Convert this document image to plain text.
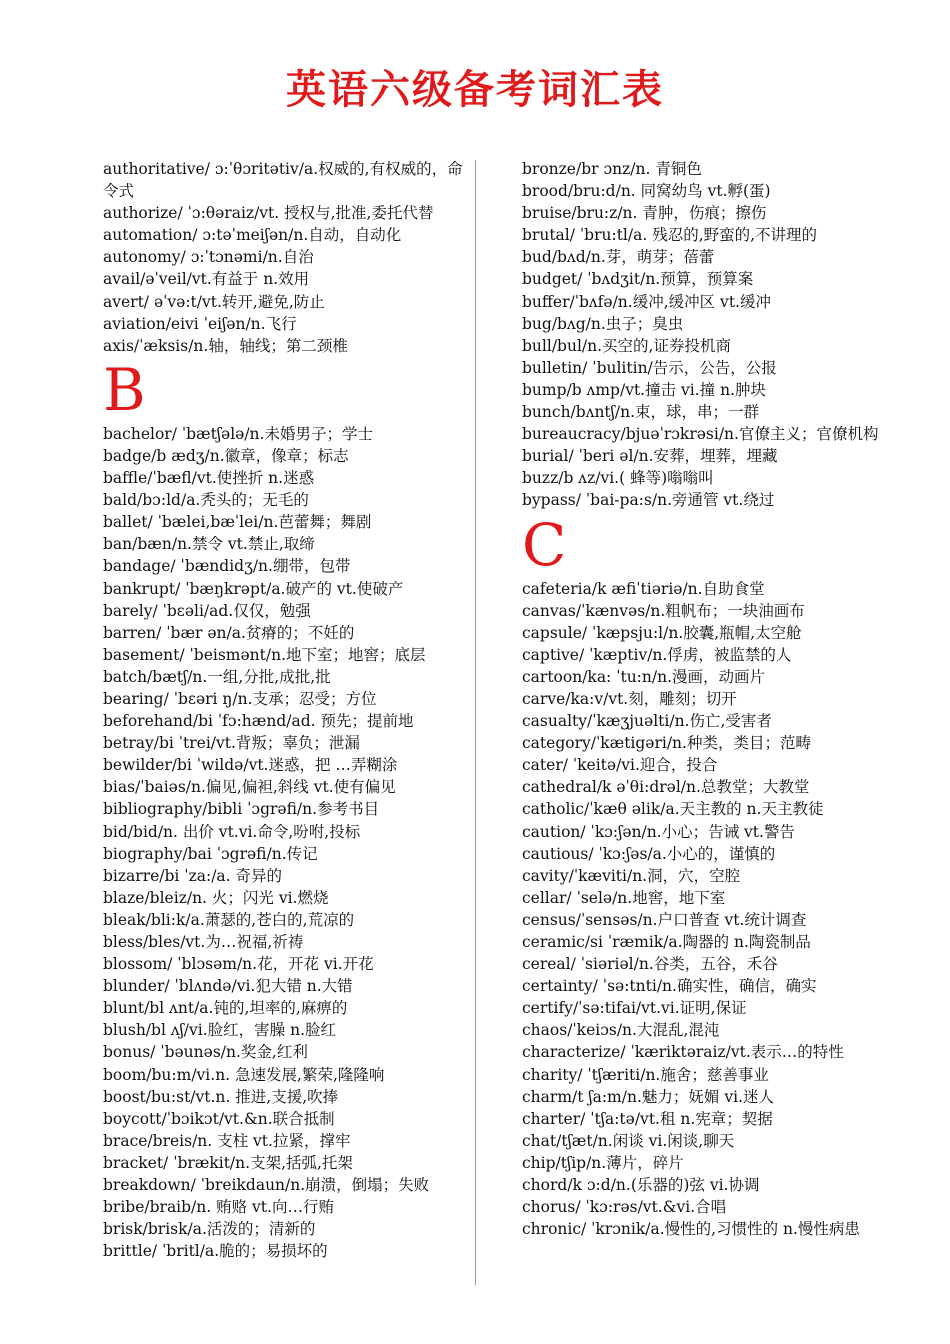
英语六级备考词汇表
authoritative/ ɔ:ˈθɔritətiv/a.权威的,有权威的，命令式
authorize/ ˈɔ:θəraiz/vt. 授权与,批准,委托代替
automation/ ɔ:təˈmeiʃən/n.自动，自动化
autonomy/ ɔ:ˈtɔnəmi/n.自治
avail/əˈveil/vt.有益于 n.效用
avert/ əˈvə:t/vt.转开,避免,防止
aviation/eivi ˈeiʃən/n.飞行
axis/ˈæksis/n.轴，轴线；第二颈椎
B
bachelor/ ˈbætʃələ/n.未婚男子；学士
badge/b ædʒ/n.徽章，像章；标志
baffle/ˈbæfl/vt.使挫折 n.迷惑
bald/bɔ:ld/a.秃头的；无毛的
ballet/ ˈbælei,bæˈlei/n.芭蕾舞；舞剧
ban/bæn/n.禁令 vt.禁止,取缔
bandage/ ˈbændidʒ/n.绷带，包带
bankrupt/ ˈbæŋkrəpt/a.破产的 vt.使破产
barely/ ˈbɛəli/ad.仅仅，勉强
barren/ ˈbær ən/a.贫瘠的；不妊的
basement/ ˈbeismənt/n.地下室；地窖；底层
batch/bætʃ/n.一组,分批,成批,批
bearing/ ˈbɛəri ŋ/n.支承；忍受；方位
beforehand/bi ˈfɔ:hænd/ad. 预先；提前地
betray/bi ˈtrei/vt.背叛；辜负；泄漏
bewilder/bi ˈwildə/vt.迷惑，把 …弄糊涂
bias/ˈbaiəs/n.偏见,偏袒,斜线 vt.使有偏见
bibliography/bibli ˈɔgrəfi/n.参考书目
bid/bid/n. 出价 vt.vi.命令,吩咐,投标
biography/bai ˈɔgrəfi/n.传记
bizarre/bi ˈza:/a. 奇异的
blaze/bleiz/n. 火；闪光 vi.燃烧
bleak/bli:k/a.萧瑟的,苍白的,荒凉的
bless/bles/vt.为…祝福,祈祷
blossom/ ˈblɔsəm/n.花，开花 vi.开花
blunder/ ˈblʌndə/vi.犯大错 n.大错
blunt/bl ʌnt/a.钝的,坦率的,麻痹的
blush/bl ʌʃ/vi.脸红，害臊 n.脸红
bonus/ ˈbəunəs/n.奖金,红利
boom/bu:m/vi.n. 急速发展,繁荣,隆隆响
boost/bu:st/vt.n. 推进,支援,吹捧
boycott/ˈbɔikɔt/vt.&n.联合抵制
brace/breis/n. 支柱 vt.拉紧，撑牢
bracket/ ˈbrækit/n.支架,括弧,托架
breakdown/ ˈbreikdaun/n.崩溃，倒塌；失败
bribe/braib/n. 贿赂 vt.向…行贿
brisk/brisk/a.活泼的；清新的
brittle/ ˈbritl/a.脆的；易损坏的
bronze/br ɔnz/n. 青铜色
brood/bru:d/n. 同窝幼鸟 vt.孵(蛋)
bruise/bru:z/n. 青肿，伤痕；擦伤
brutal/ ˈbru:tl/a. 残忍的,野蛮的,不讲理的
bud/bʌd/n.芽，萌芽；蓓蕾
budget/ ˈbʌdʒit/n.预算，预算案
buffer/ˈbʌfə/n.缓冲,缓冲区 vt.缓冲
bug/bʌg/n.虫子；臭虫
bull/bul/n.买空的,证券投机商
bulletin/ ˈbulitin/告示，公告，公报
bump/b ʌmp/vt.撞击 vi.撞 n.肿块
bunch/bʌntʃ/n.束，球，串；一群
bureaucracy/bjuəˈrɔkrəsi/n.官僚主义；官僚机构
burial/ ˈberi əl/n.安葬，埋葬，埋藏
buzz/b ʌz/vi.( 蜂等)嗡嗡叫
bypass/ ˈbai-pa:s/n.旁通管 vt.绕过
C
cafeteria/k æfiˈtiəriə/n.自助食堂
canvas/ˈkænvəs/n.粗帆布；一块油画布
capsule/ ˈkæpsju:l/n.胶囊,瓶帽,太空舱
captive/ ˈkæptiv/n.俘虏，被监禁的人
cartoon/ka: ˈtu:n/n.漫画，动画片
carve/ka:v/vt.刻，雕刻；切开
casualty/ˈkæʒjuəlti/n.伤亡,受害者
category/ˈkætigəri/n.种类，类目；范畴
cater/ ˈkeitə/vi.迎合，投合
cathedral/k əˈθi:drəl/n.总教堂；大教堂
catholic/ˈkæθ əlik/a.天主教的 n.天主教徒
caution/ ˈkɔ:ʃən/n.小心；告诫 vt.警告
cautious/ ˈkɔ:ʃəs/a.小心的，谨慎的
cavity/ˈkæviti/n.洞，穴，空腔
cellar/ ˈselə/n.地窖，地下室
census/ˈsensəs/n.户口普查 vt.统计调查
ceramic/si ˈræmik/a.陶器的 n.陶瓷制品
cereal/ ˈsiəriəl/n.谷类，五谷，禾谷
certainty/ ˈsə:tnti/n.确实性，确信，确实
certify/ˈsə:tifai/vt.vi.证明,保证
chaos/ˈkeiɔs/n.大混乱,混沌
characterize/ ˈkæriktəraiz/vt.表示…的特性
charity/ ˈtʃæriti/n.施舍；慈善事业
charm/t ʃa:m/n.魅力；妩媚 vi.迷人
charter/ ˈtʃa:tə/vt.租 n.宪章；契据
chat/tʃæt/n.闲谈 vi.闲谈,聊天
chip/tʃip/n.薄片，碎片
chord/k ɔ:d/n.(乐器的)弦 vi.协调
chorus/ ˈkɔ:rəs/vt.&vi.合唱
chronic/ ˈkrɔnik/a.慢性的,习惯性的 n.慢性病患
